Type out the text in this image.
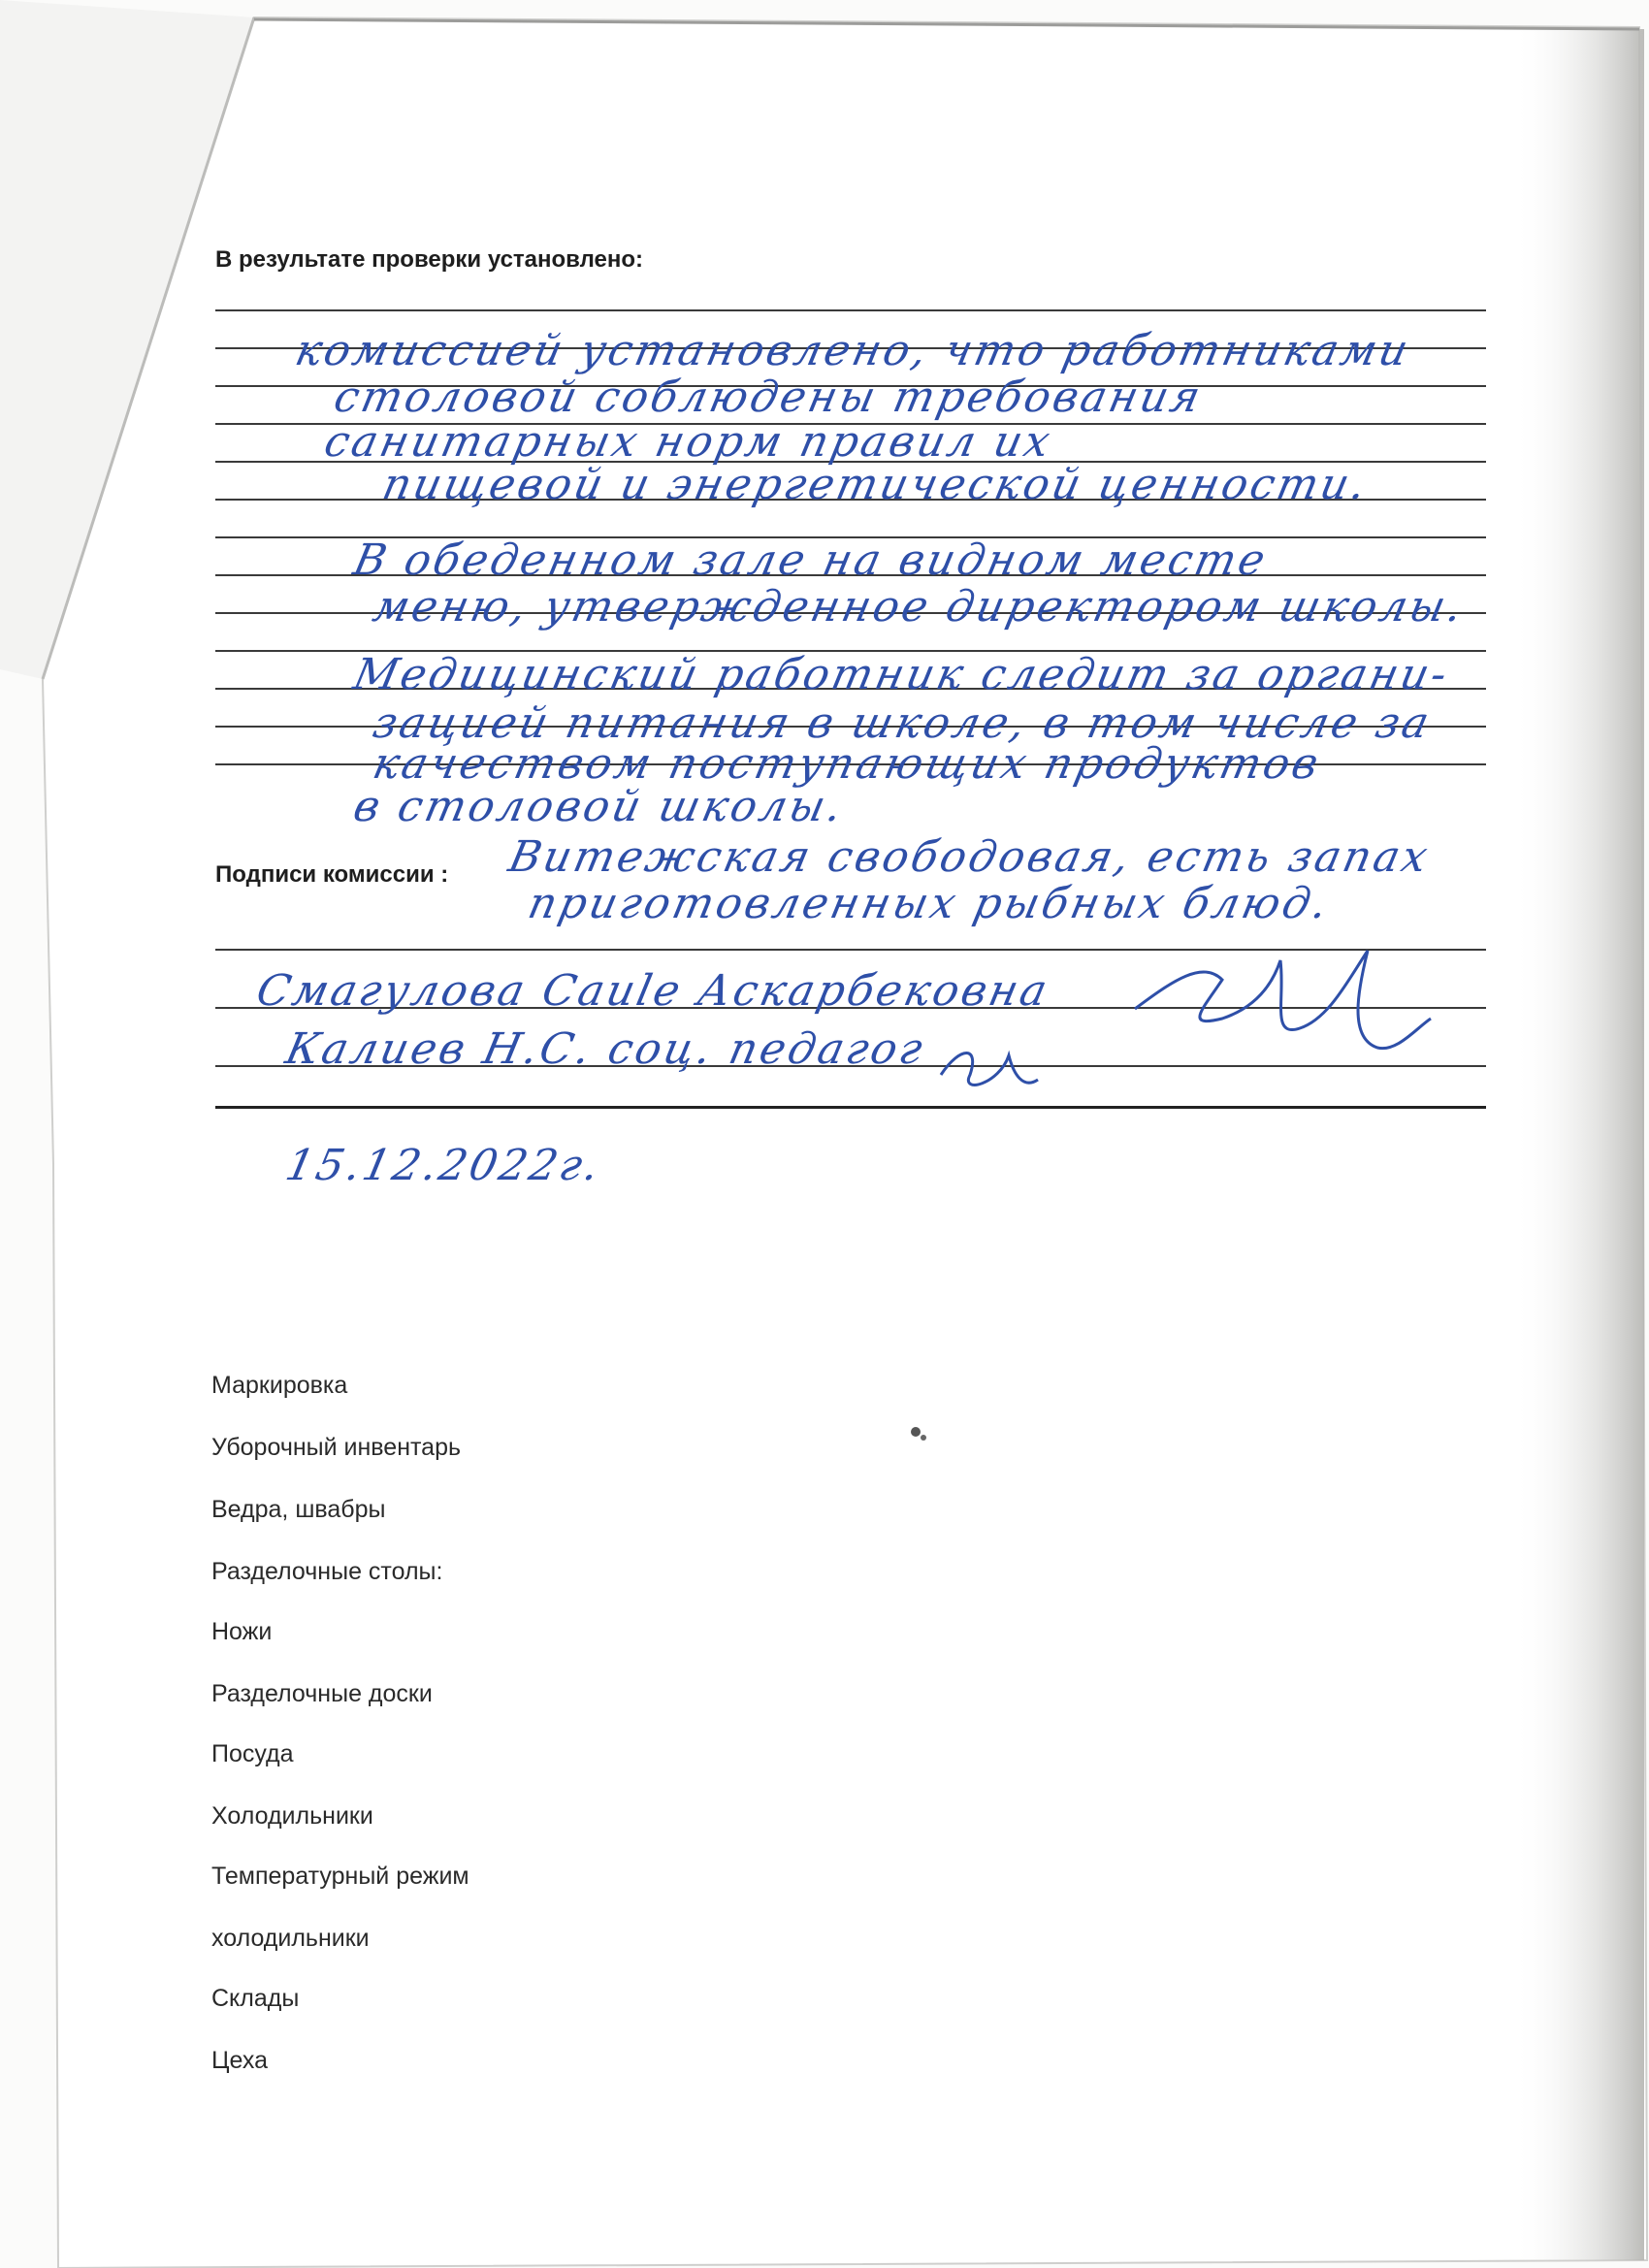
В результате проверки установлено:
комиссией установлено, что работниками
столовой соблюдены требования
санитарных норм правил их
пищевой и энергетической ценности.
В обеденном зале на видном месте
меню, утвержденное директором школы.
Медицинский работник следит за органи-
зацией питания в школе, в том числе за
качеством поступающих продуктов
в столовой школы.
Подписи комиссии : Витежская свободовая, есть запах
приготовленных рыбных блюд.
Смагулова Саule Аскарбековна
Калиев Н.С. соц. педагог
15.12.2022г.
Маркировка
Уборочный инвентарь
Ведра, швабры
Разделочные столы:
Ножи
Разделочные доски
Посуда
Холодильники
Температурный режим
холодильники
Склады
Цеха
